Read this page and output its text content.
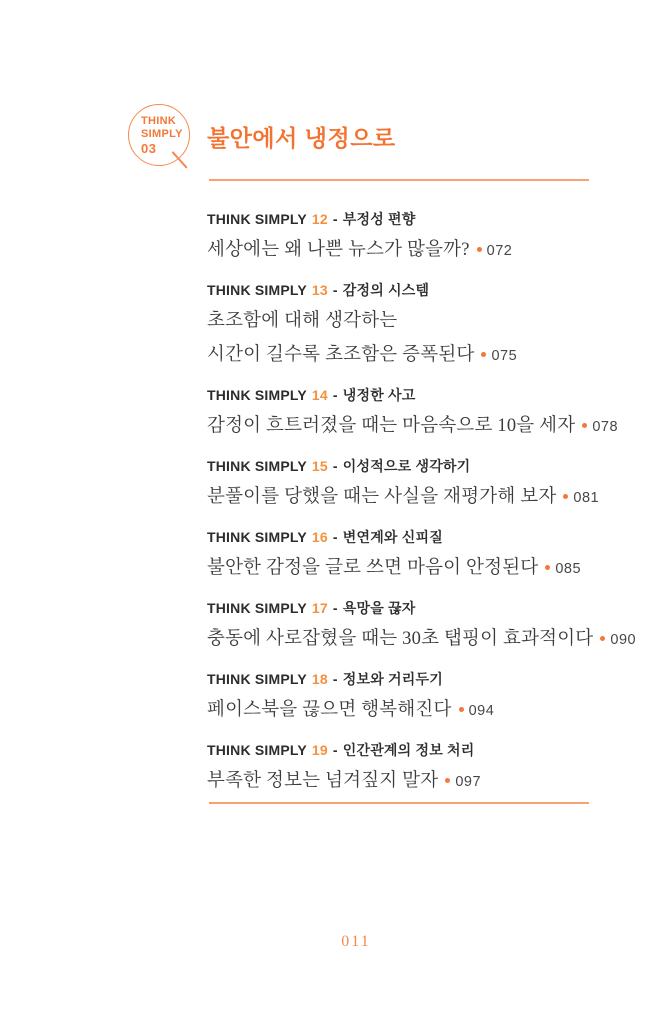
THINK
SIMPLY
03	불안에서 냉정으로
THINK SIMPLY 12 - 부정성 편향
세상에는 왜 나쁜 뉴스가 많을까? 072
THINK SIMPLY 13 - 감정의 시스템
초조함에 대해 생각하는
시간이 길수록 초조함은 증폭된다 075
THINK SIMPLY 14 - 냉정한 사고
감정이 흐트러졌을 때는 마음속으로 10을 세자 078
THINK SIMPLY 15 - 이성적으로 생각하기
분풀이를 당했을 때는 사실을 재평가해 보자 081
THINK SIMPLY 16 - 변연계와 신피질
불안한 감정을 글로 쓰면 마음이 안정된다 085
THINK SIMPLY 17 - 욕망을 끊자
충동에 사로잡혔을 때는 30초 탭핑이 효과적이다 090
THINK SIMPLY 18 - 정보와 거리두기
페이스북을 끊으면 행복해진다 094
THINK SIMPLY 19 - 인간관계의 정보 처리
부족한 정보는 넘겨짚지 말자 097
011
